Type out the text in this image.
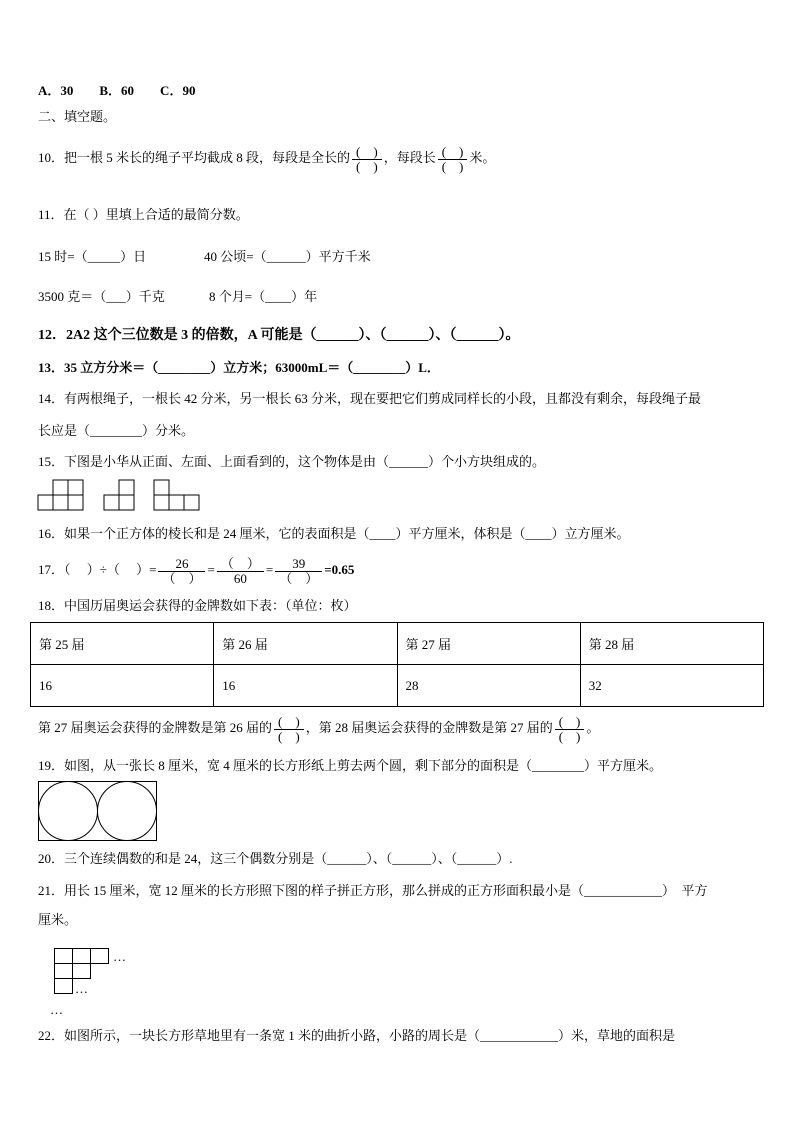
A．30　　B．60　　C．90
二、填空题。
10．把一根 5 米长的绳子平均截成 8 段，每段是全长的 $\frac{( )}{( )}$ ，每段长 $\frac{( )}{( )}$ 米。
11．在（ ）里填上合适的最简分数。
15 时=（_____）日	40 公顷=（______）平方千米
3500 克＝（___）千克	8 个月=（____）年
12．2A2 这个三位数是 3 的倍数，A 可能是（______）、（______）、（______）。
13．35 立方分米＝（________）立方米；63000mL＝（________）L．
14．有两根绳子，一根长 42 分米，另一根长 63 分米，现在要把它们剪成同样长的小段，且都没有剩余，每段绳子最
长应是（________）分米。
15．下图是小华从正面、左面、上面看到的，这个物体是由（______）个小方块组成的。
16．如果一个正方体的棱长和是 24 厘米，它的表面积是（____）平方厘米，体积是（____）立方厘米。
17．（　 ）÷（　 ）= $\frac{26}{( )} = \frac{( )}{60} = \frac{39}{( )} =0.65$
18．中国历届奥运会获得的金牌数如下表：（单位：枚）
第 25 届	第 26 届	第 27 届	第 28 届
16	16	28	32
第 27 届奥运会获得的金牌数是第 26 届的 $\frac{( )}{( )}$ ，第 28 届奥运会获得的金牌数是第 27 届的 $\frac{( )}{( )}$ 。
19．如图，从一张长 8 厘米，宽 4 厘米的长方形纸上剪去两个圆，剩下部分的面积是（________）平方厘米。
20．三个连续偶数的和是 24，这三个偶数分别是（______）、（______）、（______）.
21．用长 15 厘米，宽 12 厘米的长方形照下图的样子拼正方形，那么拼成的正方形面积最小是（____________）　平方
厘米。
…
…
…
22．如图所示，一块长方形草地里有一条宽 1 米的曲折小路，小路的周长是（____________）米，草地的面积是
